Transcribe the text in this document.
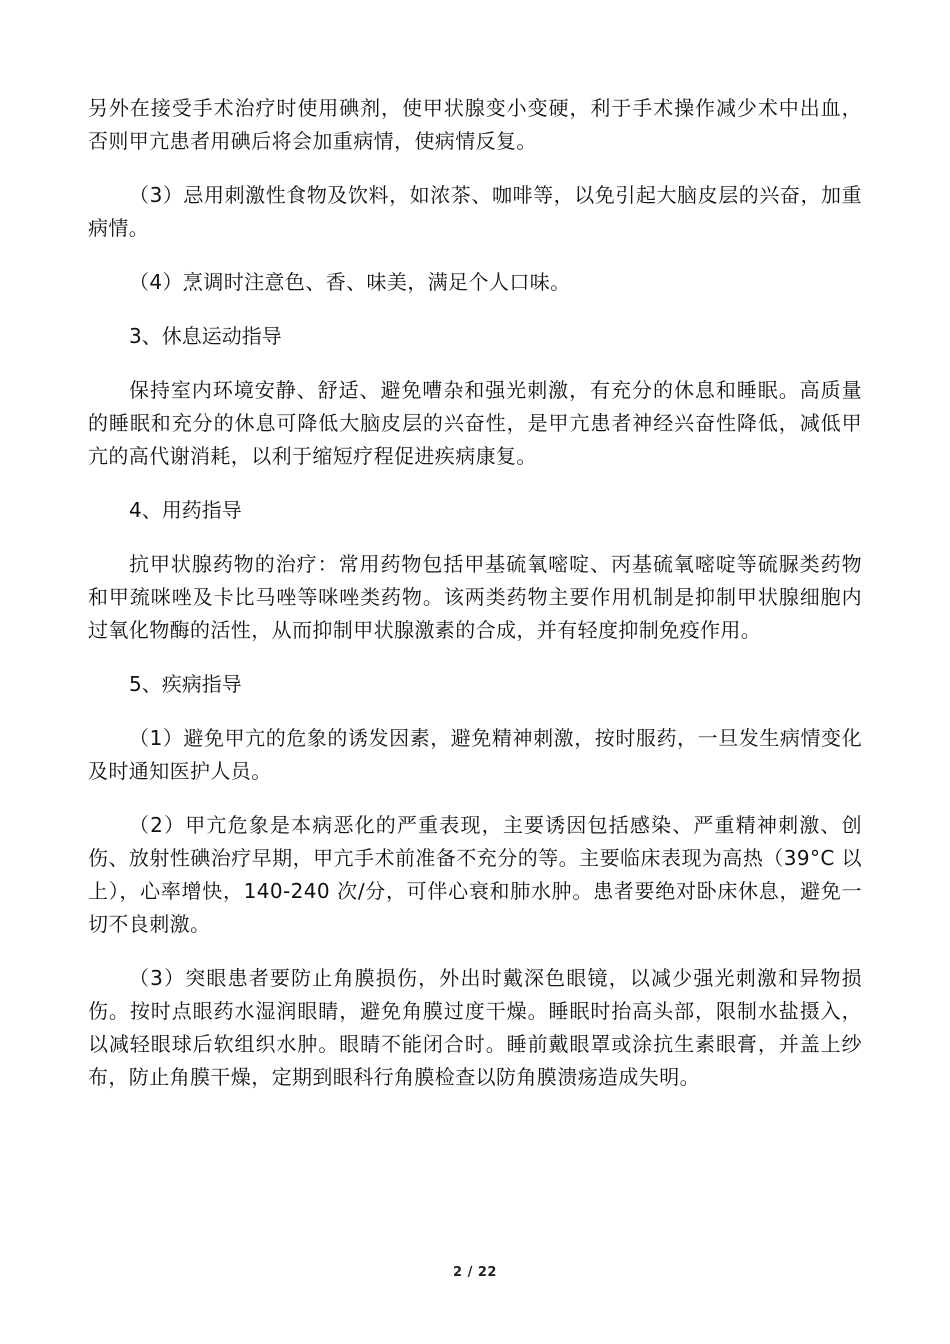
另外在接受手术治疗时使用碘剂，使甲状腺变小变硬，利于手术操作减少术中出血，否则甲亢患者用碘后将会加重病情，使病情反复。

（3）忌用刺激性食物及饮料，如浓茶、咖啡等，以免引起大脑皮层的兴奋，加重病情。

（4）烹调时注意色、香、味美，满足个人口味。

3、休息运动指导

保持室内环境安静、舒适、避免嘈杂和强光刺激，有充分的休息和睡眠。高质量的睡眠和充分的休息可降低大脑皮层的兴奋性，是甲亢患者神经兴奋性降低，减低甲亢的高代谢消耗，以利于缩短疗程促进疾病康复。

4、用药指导

抗甲状腺药物的治疗：常用药物包括甲基硫氧嘧啶、丙基硫氧嘧啶等硫脲类药物和甲巯咪唑及卡比马唑等咪唑类药物。该两类药物主要作用机制是抑制甲状腺细胞内过氧化物酶的活性，从而抑制甲状腺激素的合成，并有轻度抑制免疫作用。

5、疾病指导

（1）避免甲亢的危象的诱发因素，避免精神刺激，按时服药，一旦发生病情变化及时通知医护人员。

（2）甲亢危象是本病恶化的严重表现，主要诱因包括感染、严重精神刺激、创伤、放射性碘治疗早期，甲亢手术前准备不充分的等。主要临床表现为高热（39°C 以上），心率增快，140-240 次/分，可伴心衰和肺水肿。患者要绝对卧床休息，避免一切不良刺激。

（3）突眼患者要防止角膜损伤，外出时戴深色眼镜，以减少强光刺激和异物损伤。按时点眼药水湿润眼睛，避免角膜过度干燥。睡眠时抬高头部，限制水盐摄入，以减轻眼球后软组织水肿。眼睛不能闭合时。睡前戴眼罩或涂抗生素眼膏，并盖上纱布，防止角膜干燥，定期到眼科行角膜检查以防角膜溃疡造成失明。

2 / 22
